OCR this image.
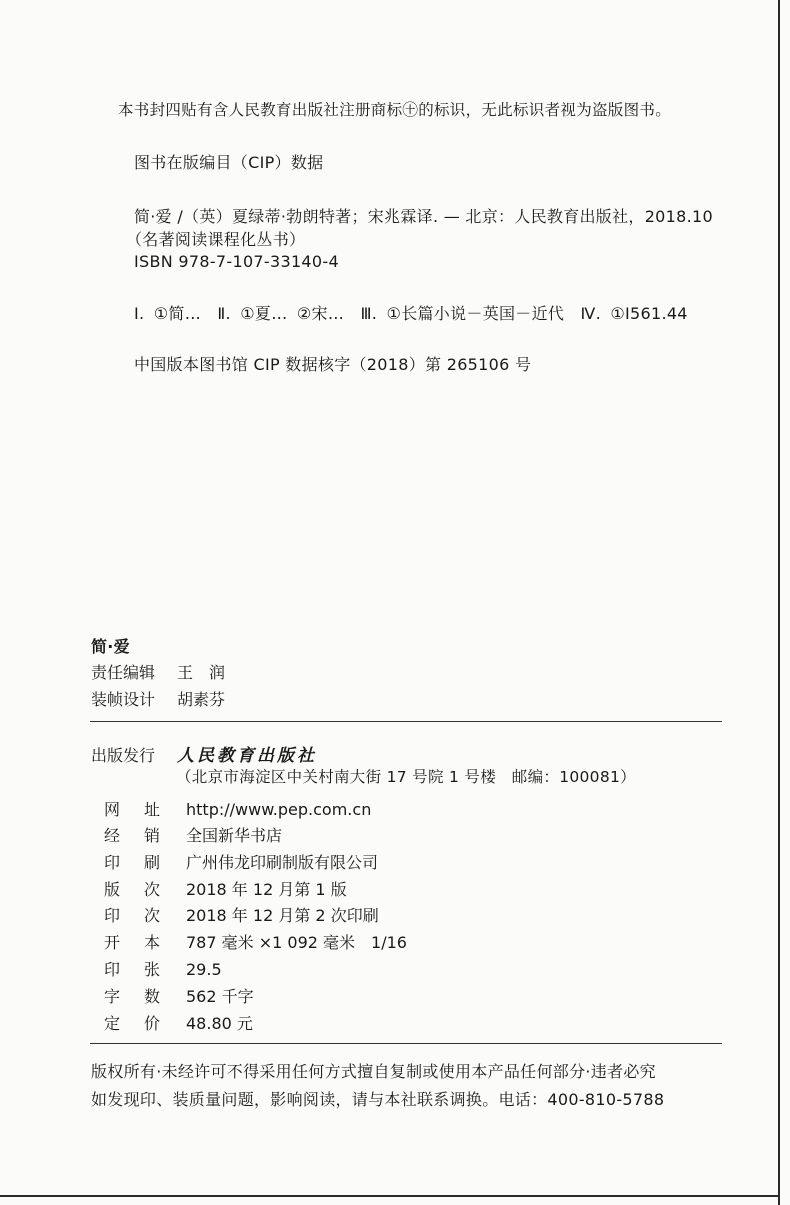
本书封四贴有含人民教育出版社注册商标㊉的标识，无此标识者视为盗版图书。
图书在版编目（CIP）数据
简·爱 /（英）夏绿蒂·勃朗特著；宋兆霖译. — 北京：人民教育出版社，2018.10
（名著阅读课程化丛书）
ISBN 978-7-107-33140-4
Ⅰ. ①简…　Ⅱ. ①夏… ②宋…　Ⅲ. ①长篇小说－英国－近代　Ⅳ. ①I561.44
中国版本图书馆 CIP 数据核字（2018）第 265106 号
简·爱
责任编辑 王　润
装帧设计 胡素芬
出版发行 人民教育出版社
（北京市海淀区中关村南大街 17 号院 1 号楼　邮编：100081）
网址 http://www.pep.com.cn
经销 全国新华书店
印刷 广州伟龙印刷制版有限公司
版次 2018 年 12 月第 1 版
印次 2018 年 12 月第 2 次印刷
开本 787 毫米 ×1 092 毫米　1/16
印张 29.5
字数 562 千字
定价 48.80 元
版权所有·未经许可不得采用任何方式擅自复制或使用本产品任何部分·违者必究
如发现印、装质量问题，影响阅读，请与本社联系调换。电话：400-810-5788
